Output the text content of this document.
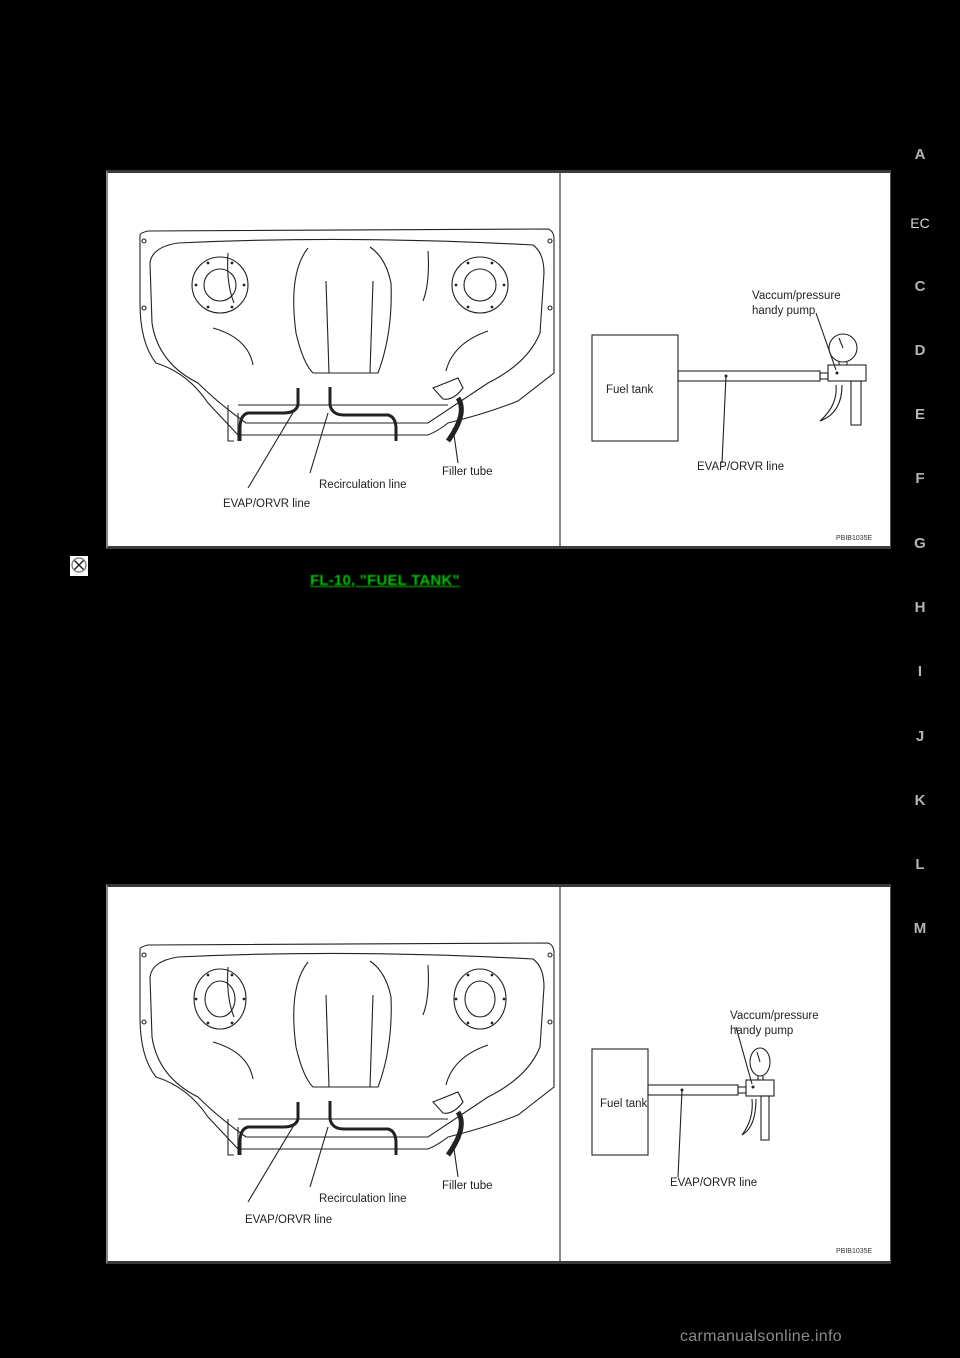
A
EC
C
D
E
F
G
H
I
J
K
L
M
EVAP/ORVR line
Recirculation line
Filler tube
Fuel tank
Vaccum/pressure
handy pump
EVAP/ORVR line
PBIB1035E
FL-10, "FUEL TANK"
EVAP/ORVR line
Recirculation line
Filler tube
Fuel tank
Vaccum/pressure
handy pump
EVAP/ORVR line
PBIB1035E
carmanualsonline.info
